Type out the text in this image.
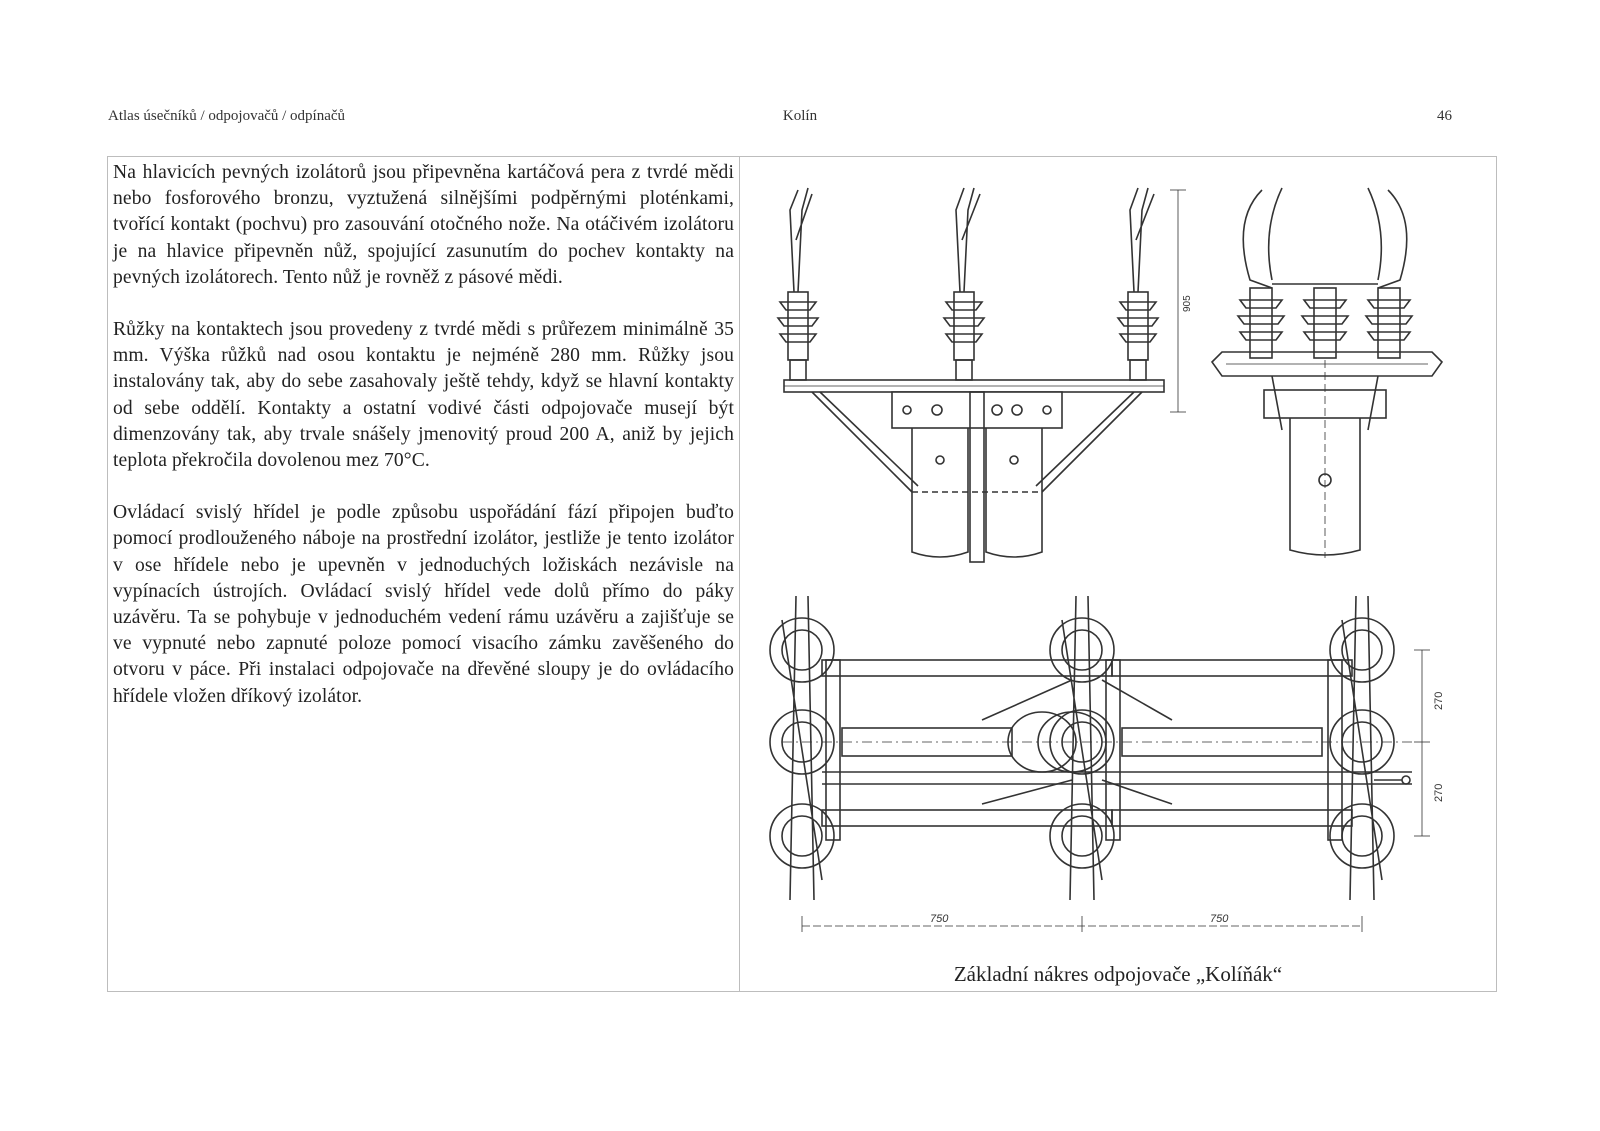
Atlas úsečníků / odpojovačů / odpínačů	Kolín	46

Na hlavicích pevných izolátorů jsou připevněna kartáčová pera z tvrdé mědi nebo fosforového bronzu, vyztužená silnějšími podpěrnými ploténkami, tvořící kontakt (pochvu) pro zasouvání otočného nože. Na otáčivém izolátoru je na hlavice připevněn nůž, spojující zasunutím do pochev kontakty na pevných izolátorech. Tento nůž je rovněž z pásové mědi.

Růžky na kontaktech jsou provedeny z tvrdé mědi s průřezem minimálně 35 mm. Výška růžků nad osou kontaktu je nejméně 280 mm. Růžky jsou instalovány tak, aby do sebe zasahovaly ještě tehdy, když se hlavní kontakty od sebe oddělí. Kontakty a ostatní vodivé části odpojovače musejí být dimenzovány tak, aby trvale snášely jmenovitý proud 200 A, aniž by jejich teplota překročila dovolenou mez 70°C.

Ovládací svislý hřídel je podle způsobu uspořádání fází připojen buďto pomocí prodlouženého náboje na prostřední izolátor, jestliže je tento izolátor v ose hřídele nebo je upevněn v jednoduchých ložiskách nezávisle na vypínacích ústrojích. Ovládací svislý hřídel vede dolů přímo do páky uzávěru. Ta se pohybuje v jednoduchém vedení rámu uzávěru a zajišťuje se ve vypnuté nebo zapnuté poloze pomocí visacího zámku zavěšeného do otvoru v páce. Při instalaci odpojovače na dřevěné sloupy je do ovládacího hřídele vložen dříkový izolátor.

905
270
270
750	750
Základní nákres odpojovače „Kolíňák“
